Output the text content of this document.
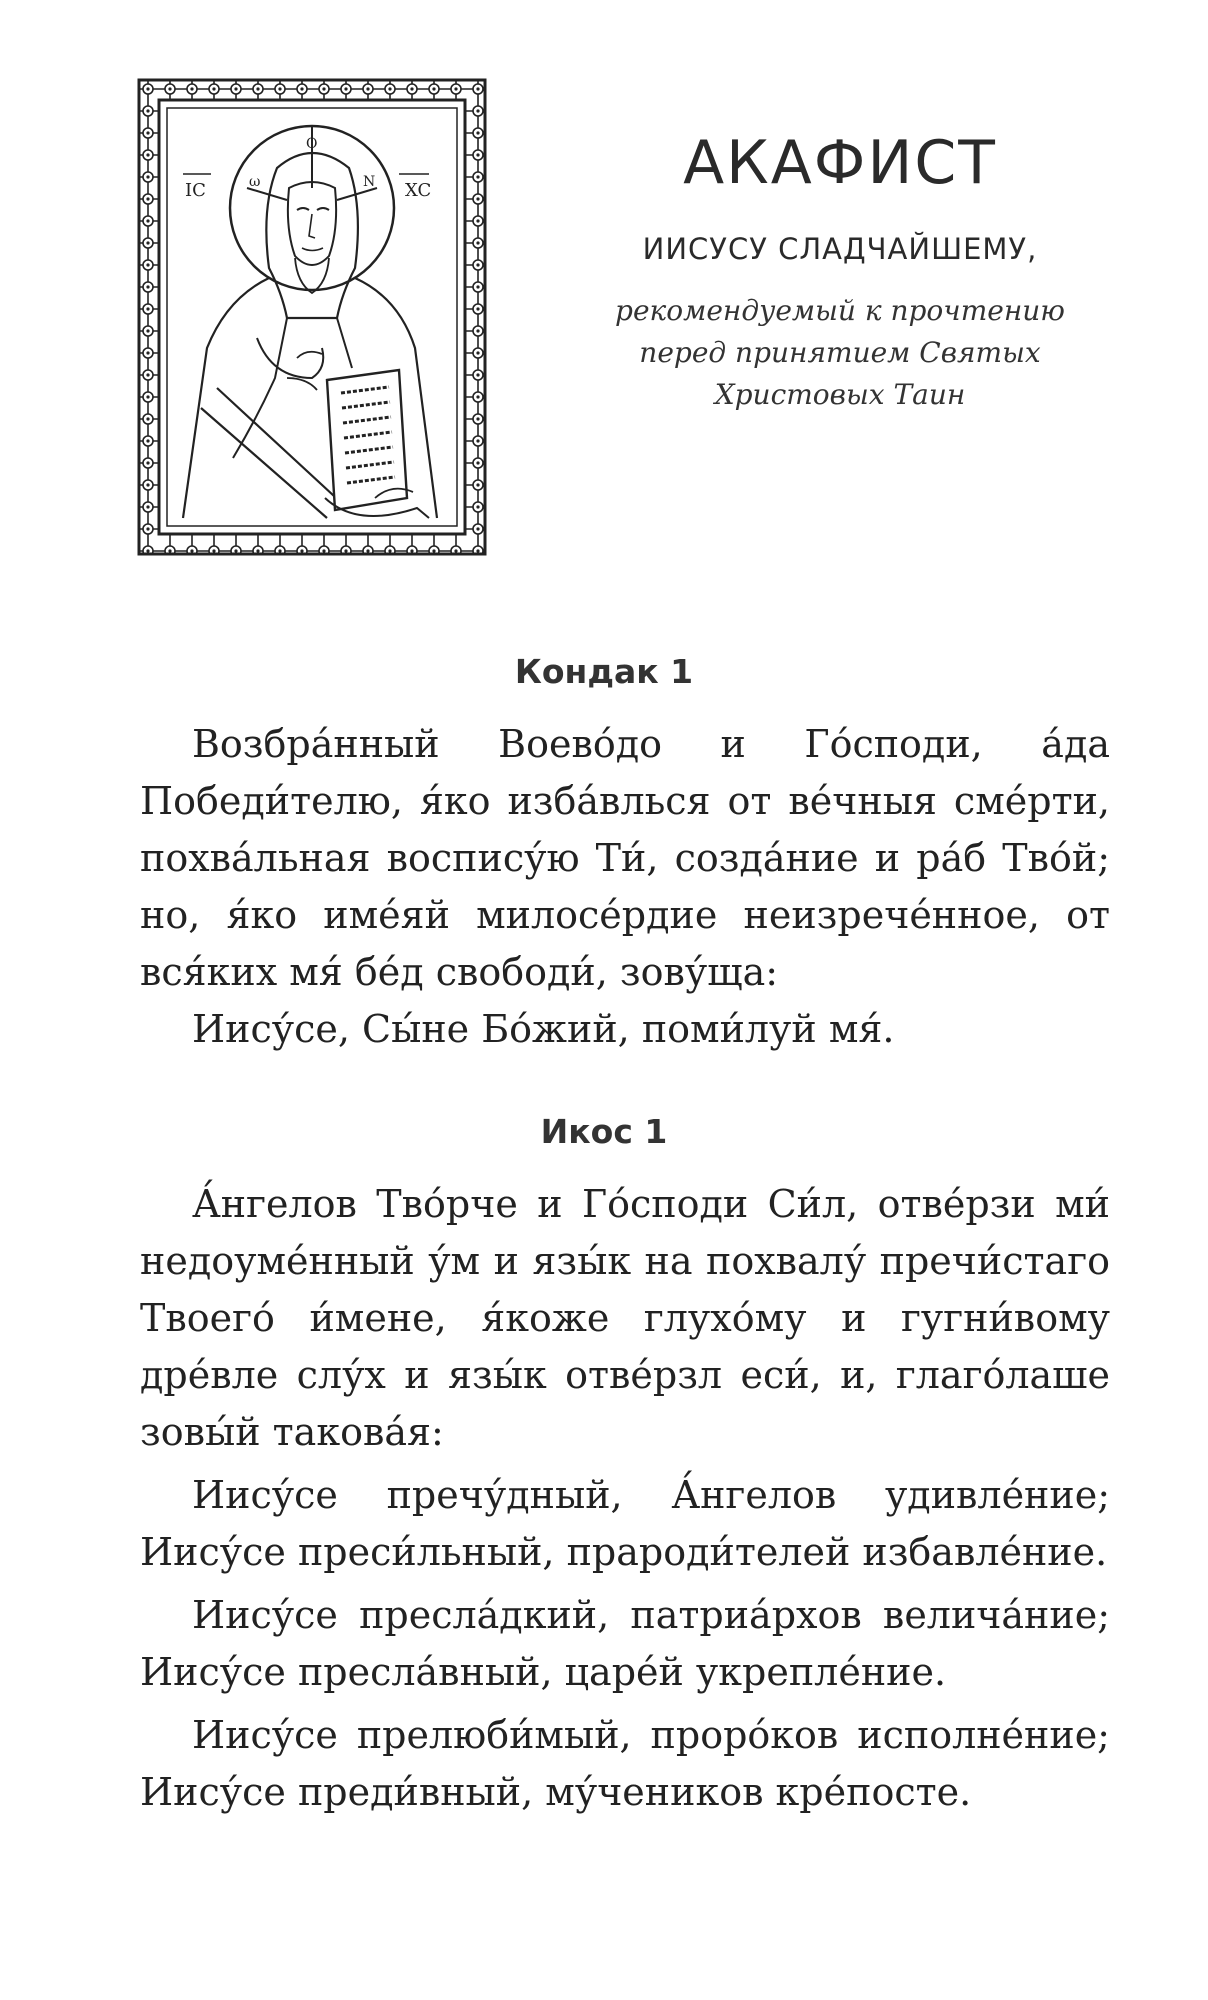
O
ω	N
IC	XC	АКАФИСТ
ИИСУСУ СЛАДЧАЙШЕМУ,
рекомендуемый к прочтению
перед принятием Святых
Христовых Таин
Кондак 1

Возбра́нный Воево́до и Го́споди, а́да Победи́телю, я́ко изба́влься от ве́чныя сме́рти, похва́льная воспису́ю Ти́, созда́ние и ра́б Тво́й; но, я́ко име́яй милосе́рдие неизрече́нное, от вся́ких мя́ бе́д свободи́, зову́ща:

Иису́се, Сы́не Бо́жий, поми́луй мя́.

Икос 1

А́нгелов Тво́рче и Го́споди Си́л, отве́рзи ми́ недоуме́нный у́м и язы́к на похвалу́ пречи́стаго Твоего́ и́мене, я́коже глухо́му и гугни́вому дре́вле слу́х и язы́к отве́рзл еси́, и, глаго́лаше зовы́й такова́я:

Иису́се пречу́дный, А́нгелов удивле́ние; Иису́се преси́льный, прароди́телей избавле́ние.

Иису́се пресла́дкий, патриа́рхов велича́ние; Иису́се пресла́вный, царе́й укрепле́ние.

Иису́се прелюби́мый, проро́ков исполне́ние; Иису́се преди́вный, му́чеников кре́посте.
